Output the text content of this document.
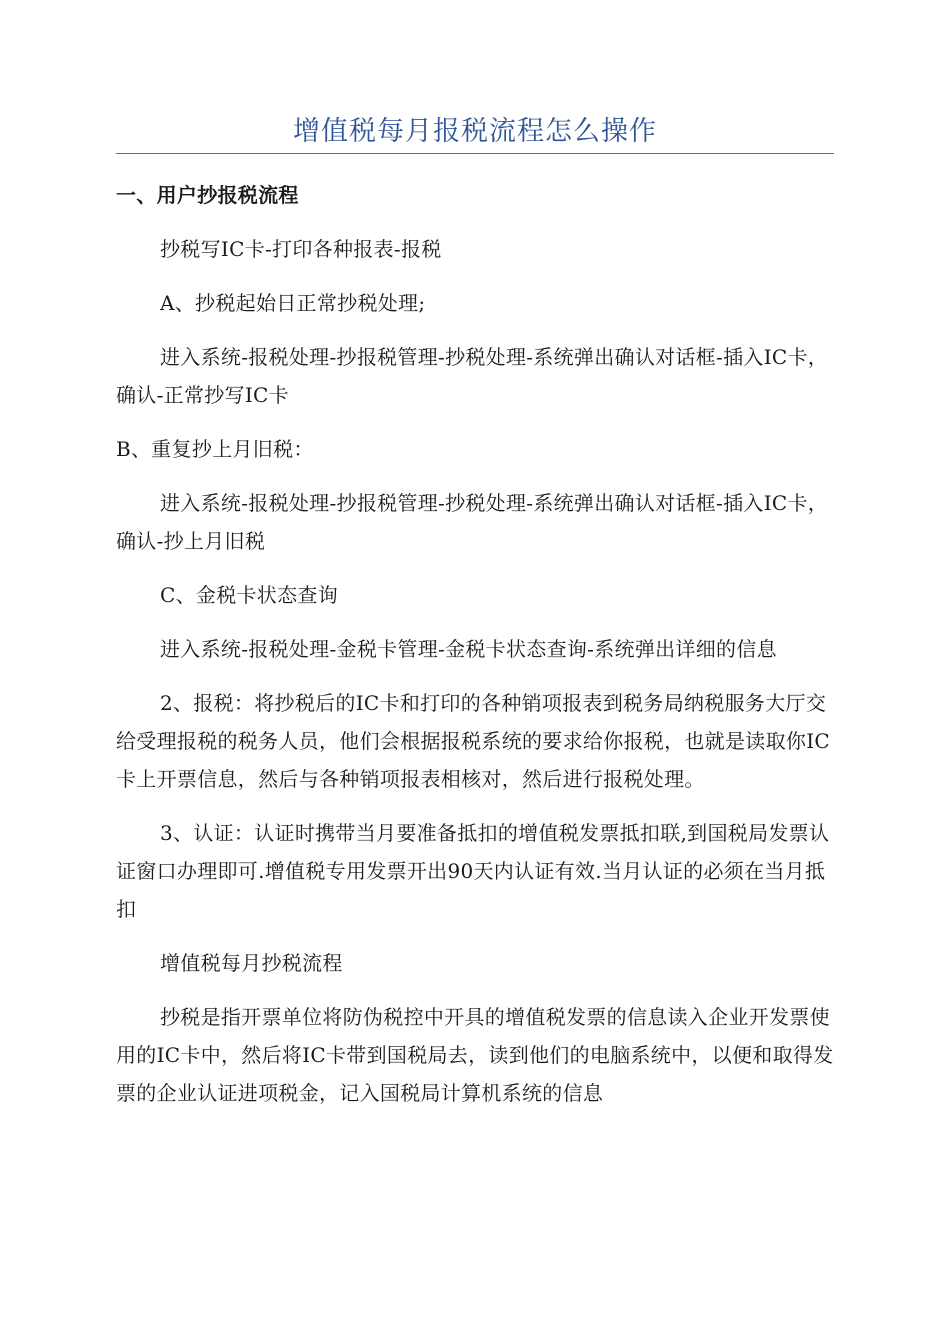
增值税每月报税流程怎么操作

一、用户抄报税流程

抄税写IC卡-打印各种报表-报税

A、抄税起始日正常抄税处理;

进入系统-报税处理-抄报税管理-抄税处理-系统弹出确认对话框-插入IC卡，确认-正常抄写IC卡

B、重复抄上月旧税：

进入系统-报税处理-抄报税管理-抄税处理-系统弹出确认对话框-插入IC卡，确认-抄上月旧税

C、金税卡状态查询

进入系统-报税处理-金税卡管理-金税卡状态查询-系统弹出详细的信息

2、报税：将抄税后的IC卡和打印的各种销项报表到税务局纳税服务大厅交给受理报税的税务人员，他们会根据报税系统的要求给你报税，也就是读取你IC卡上开票信息，然后与各种销项报表相核对，然后进行报税处理。

3、认证：认证时携带当月要准备抵扣的增值税发票抵扣联,到国税局发票认证窗口办理即可.增值税专用发票开出90天内认证有效.当月认证的必须在当月抵扣

增值税每月抄税流程

抄税是指开票单位将防伪税控中开具的增值税发票的信息读入企业开发票使用的IC卡中，然后将IC卡带到国税局去，读到他们的电脑系统中，以便和取得发票的企业认证进项税金，记入国税局计算机系统的信息
